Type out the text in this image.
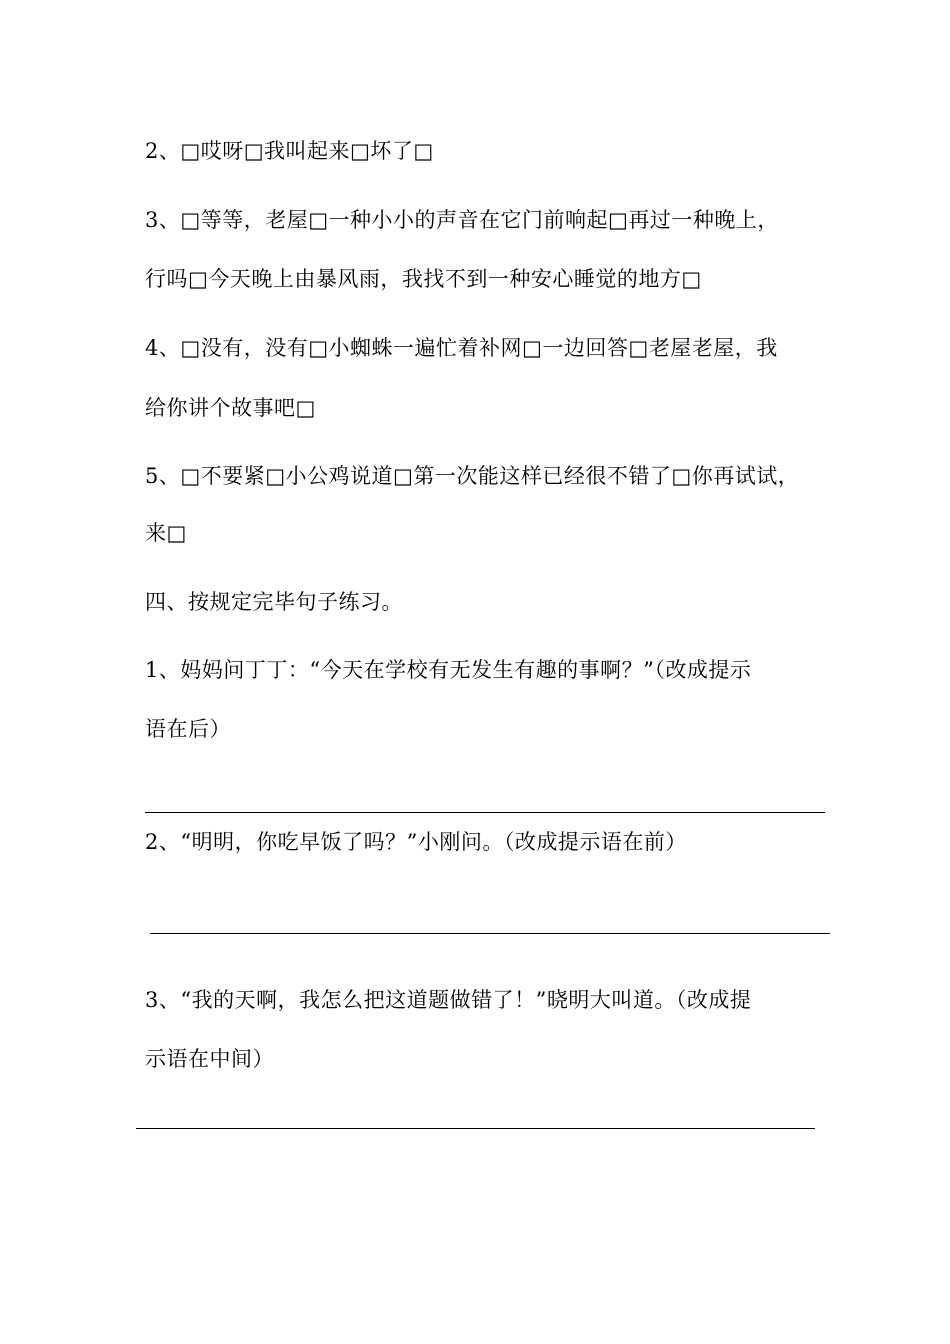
2、□哎呀□我叫起来□坏了□
3、□等等，老屋□一种小小的声音在它门前响起□再过一种晚上，
行吗□今天晚上由暴风雨，我找不到一种安心睡觉的地方□
4、□没有，没有□小蜘蛛一遍忙着补网□一边回答□老屋老屋，我
给你讲个故事吧□
5、□不要紧□小公鸡说道□第一次能这样已经很不错了□你再试试，
来□
四、按规定完毕句子练习。
1、妈妈问丁丁：“今天在学校有无发生有趣的事啊？”（改成提示
语在后）
2、“明明，你吃早饭了吗？”小刚问。（改成提示语在前）
3、“我的天啊，我怎么把这道题做错了！”晓明大叫道。（改成提
示语在中间）
